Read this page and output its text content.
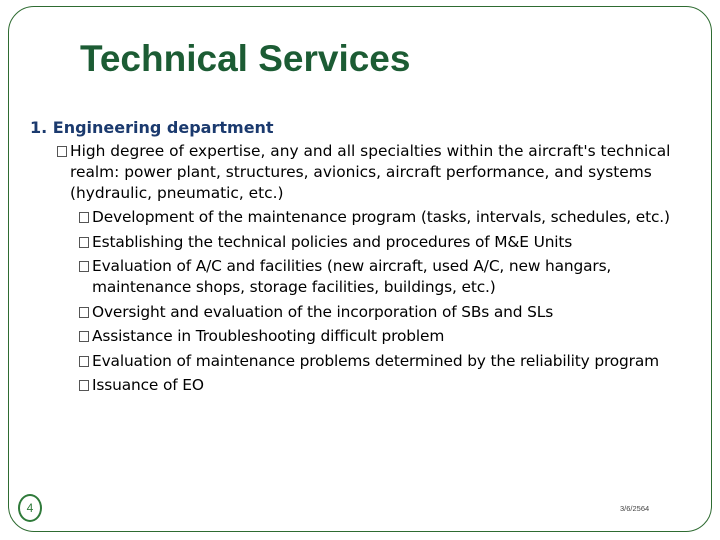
Technical Services
1. Engineering department
High degree of expertise, any and all specialties within the aircraft's technical realm: power plant, structures, avionics, aircraft performance, and systems (hydraulic, pneumatic, etc.)
Development of the maintenance program (tasks, intervals, schedules, etc.)
Establishing the technical policies and procedures of M&E Units
Evaluation of A/C and facilities (new aircraft, used A/C, new hangars, maintenance shops, storage facilities, buildings, etc.)
Oversight and evaluation of the incorporation of SBs and SLs
Assistance in Troubleshooting difficult problem
Evaluation of maintenance problems determined by the reliability program
Issuance of EO
4	3/6/2564
